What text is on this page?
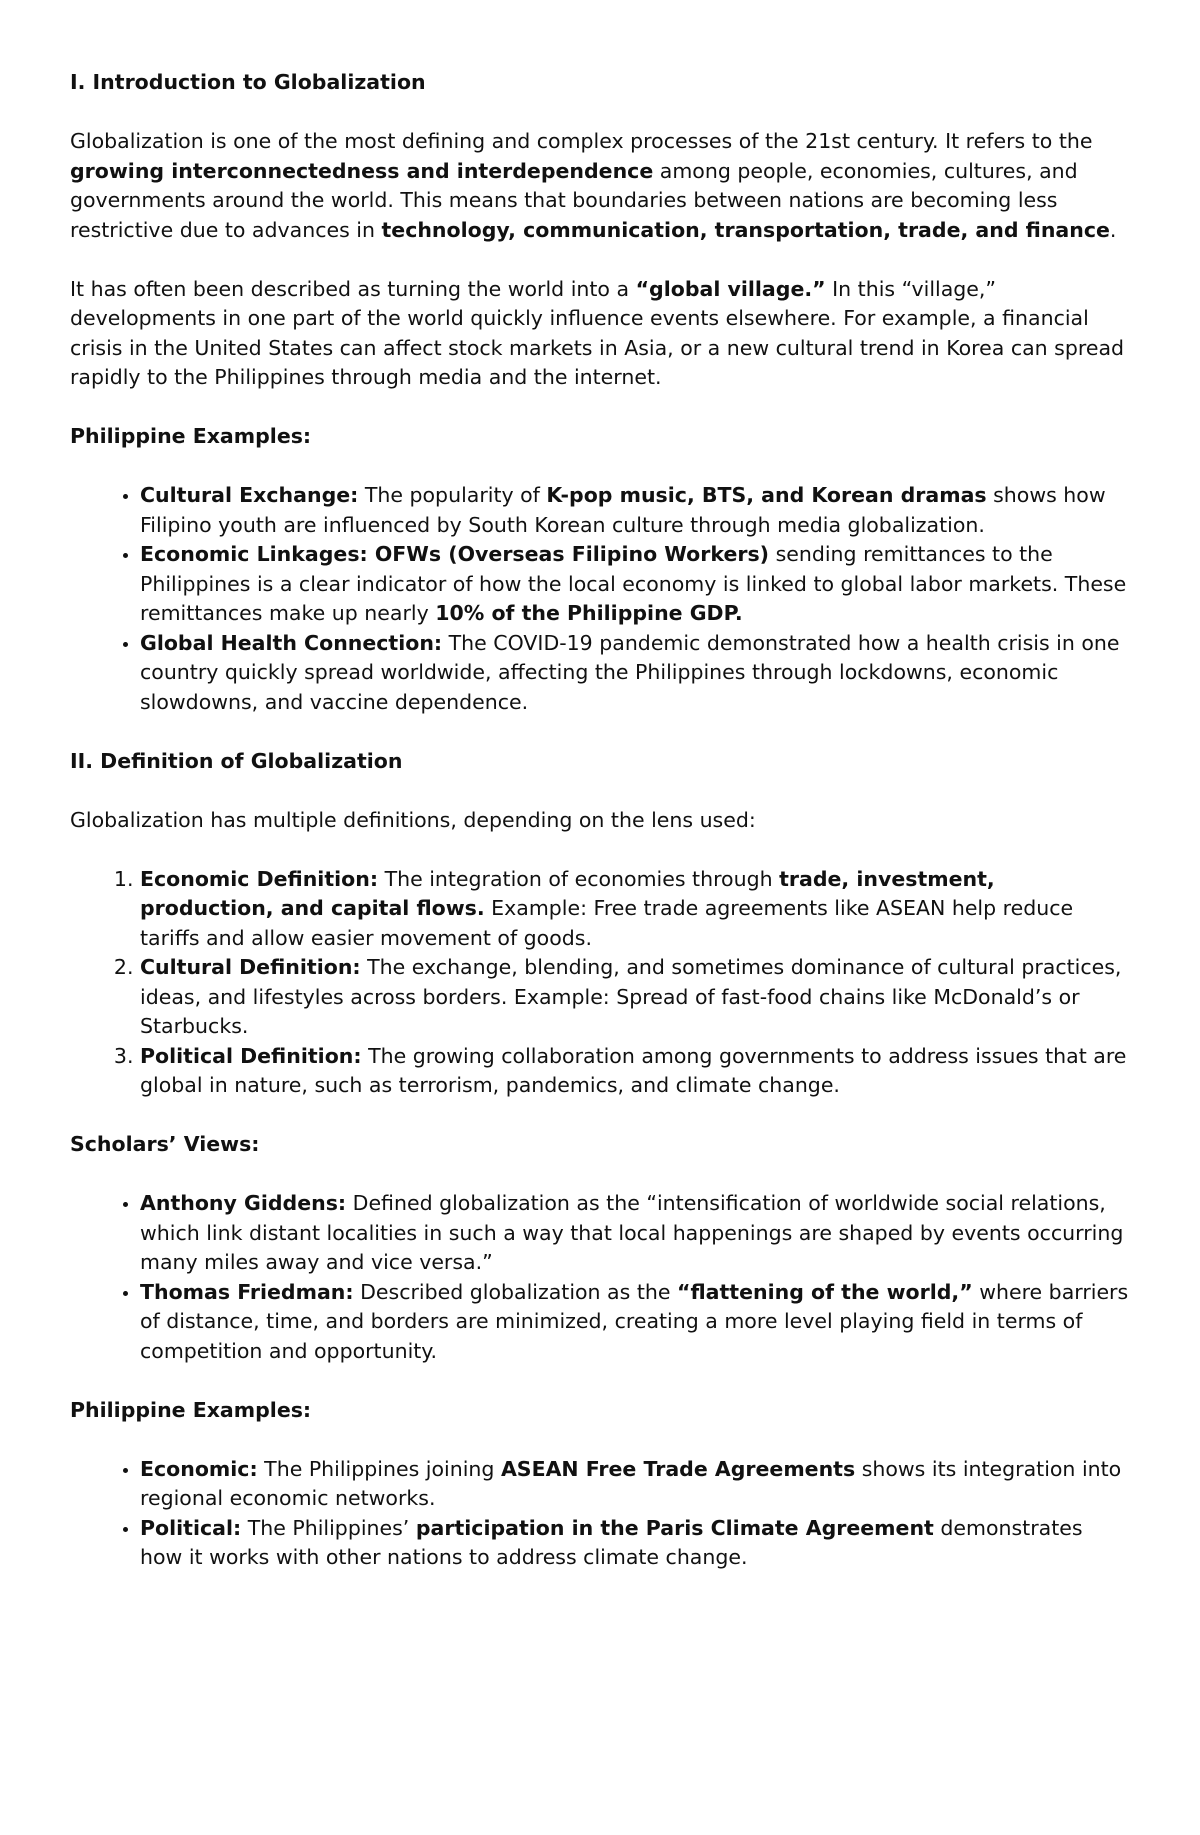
I. Introduction to Globalization

Globalization is one of the most defining and complex processes of the 21st century. It refers to the growing interconnectedness and interdependence among people, economies, cultures, and governments around the world. This means that boundaries between nations are becoming less restrictive due to advances in technology, communication, transportation, trade, and finance.

It has often been described as turning the world into a “global village.” In this “village,” developments in one part of the world quickly influence events elsewhere. For example, a financial crisis in the United States can affect stock markets in Asia, or a new cultural trend in Korea can spread rapidly to the Philippines through media and the internet.

Philippine Examples:

• Cultural Exchange: The popularity of K-pop music, BTS, and Korean dramas shows how Filipino youth are influenced by South Korean culture through media globalization.
• Economic Linkages: OFWs (Overseas Filipino Workers) sending remittances to the Philippines is a clear indicator of how the local economy is linked to global labor markets. These remittances make up nearly 10% of the Philippine GDP.
• Global Health Connection: The COVID-19 pandemic demonstrated how a health crisis in one country quickly spread worldwide, affecting the Philippines through lockdowns, economic slowdowns, and vaccine dependence.

II. Definition of Globalization

Globalization has multiple definitions, depending on the lens used:

1. Economic Definition: The integration of economies through trade, investment, production, and capital flows. Example: Free trade agreements like ASEAN help reduce tariffs and allow easier movement of goods.
2. Cultural Definition: The exchange, blending, and sometimes dominance of cultural practices, ideas, and lifestyles across borders. Example: Spread of fast-food chains like McDonald’s or Starbucks.
3. Political Definition: The growing collaboration among governments to address issues that are global in nature, such as terrorism, pandemics, and climate change.

Scholars’ Views:

• Anthony Giddens: Defined globalization as the “intensification of worldwide social relations, which link distant localities in such a way that local happenings are shaped by events occurring many miles away and vice versa.”
• Thomas Friedman: Described globalization as the “flattening of the world,” where barriers of distance, time, and borders are minimized, creating a more level playing field in terms of competition and opportunity.

Philippine Examples:

• Economic: The Philippines joining ASEAN Free Trade Agreements shows its integration into regional economic networks.
• Political: The Philippines’ participation in the Paris Climate Agreement demonstrates how it works with other nations to address climate change.
